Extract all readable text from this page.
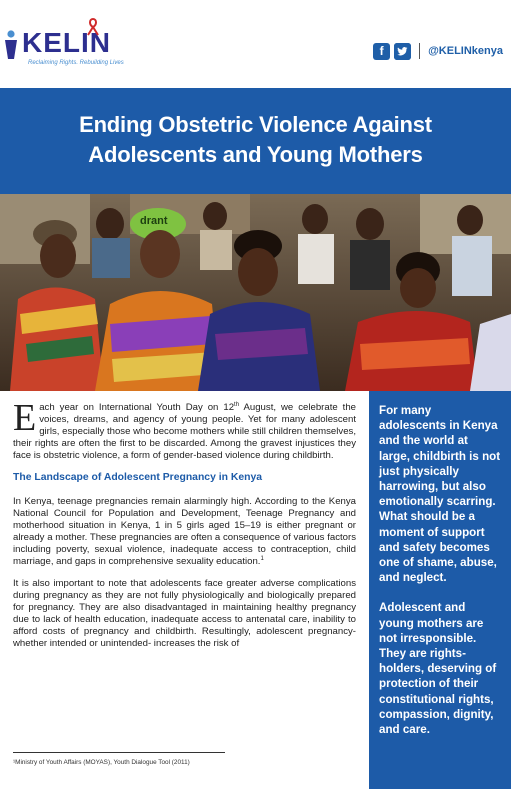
KELIN
Reclaiming Rights. Rebuilding Lives
f	@KELINkenya
Ending Obstetric Violence Against
Adolescents and Young Mothers
drant

Each year on International Youth Day on 12th August, we celebrate the voices, dreams, and agency of young people. Yet for many adolescent girls, especially those who become mothers while still children themselves, their rights are often the first to be discarded. Among the gravest injustices they face is obstetric violence, a form of gender-based violence during childbirth.

The Landscape of Adolescent Pregnancy in Kenya

In Kenya, teenage pregnancies remain alarmingly high. According to the Kenya National Council for Population and Development, Teenage Pregnancy and motherhood situation in Kenya, 1 in 5 girls aged 15–19 is either pregnant or already a mother. These pregnancies are often a consequence of various factors including poverty, sexual violence, inadequate access to contraception, child marriage, and gaps in comprehensive sexuality education.$^1$

It is also important to note that adolescents face greater adverse complications during pregnancy as they are not fully physiologically and biologically prepared for pregnancy. They are also disadvantaged in maintaining healthy pregnancy due to lack of health education, inadequate access to antenatal care, inability to afford costs of pregnancy and childbirth. Resultingly, adolescent pregnancy- whether intended or unintended- increases the risk of

¹Ministry of Youth Affairs (MOYAS), Youth Dialogue Tool (2011)

For many adolescents in Kenya and the world at large, childbirth is not just physically harrowing, but also emotionally scarring. What should be a moment of support and safety becomes one of shame, abuse, and neglect.

Adolescent and young mothers are not irresponsible. They are rights-holders, deserving of protection of their constitutional rights, compassion, dignity, and care.
